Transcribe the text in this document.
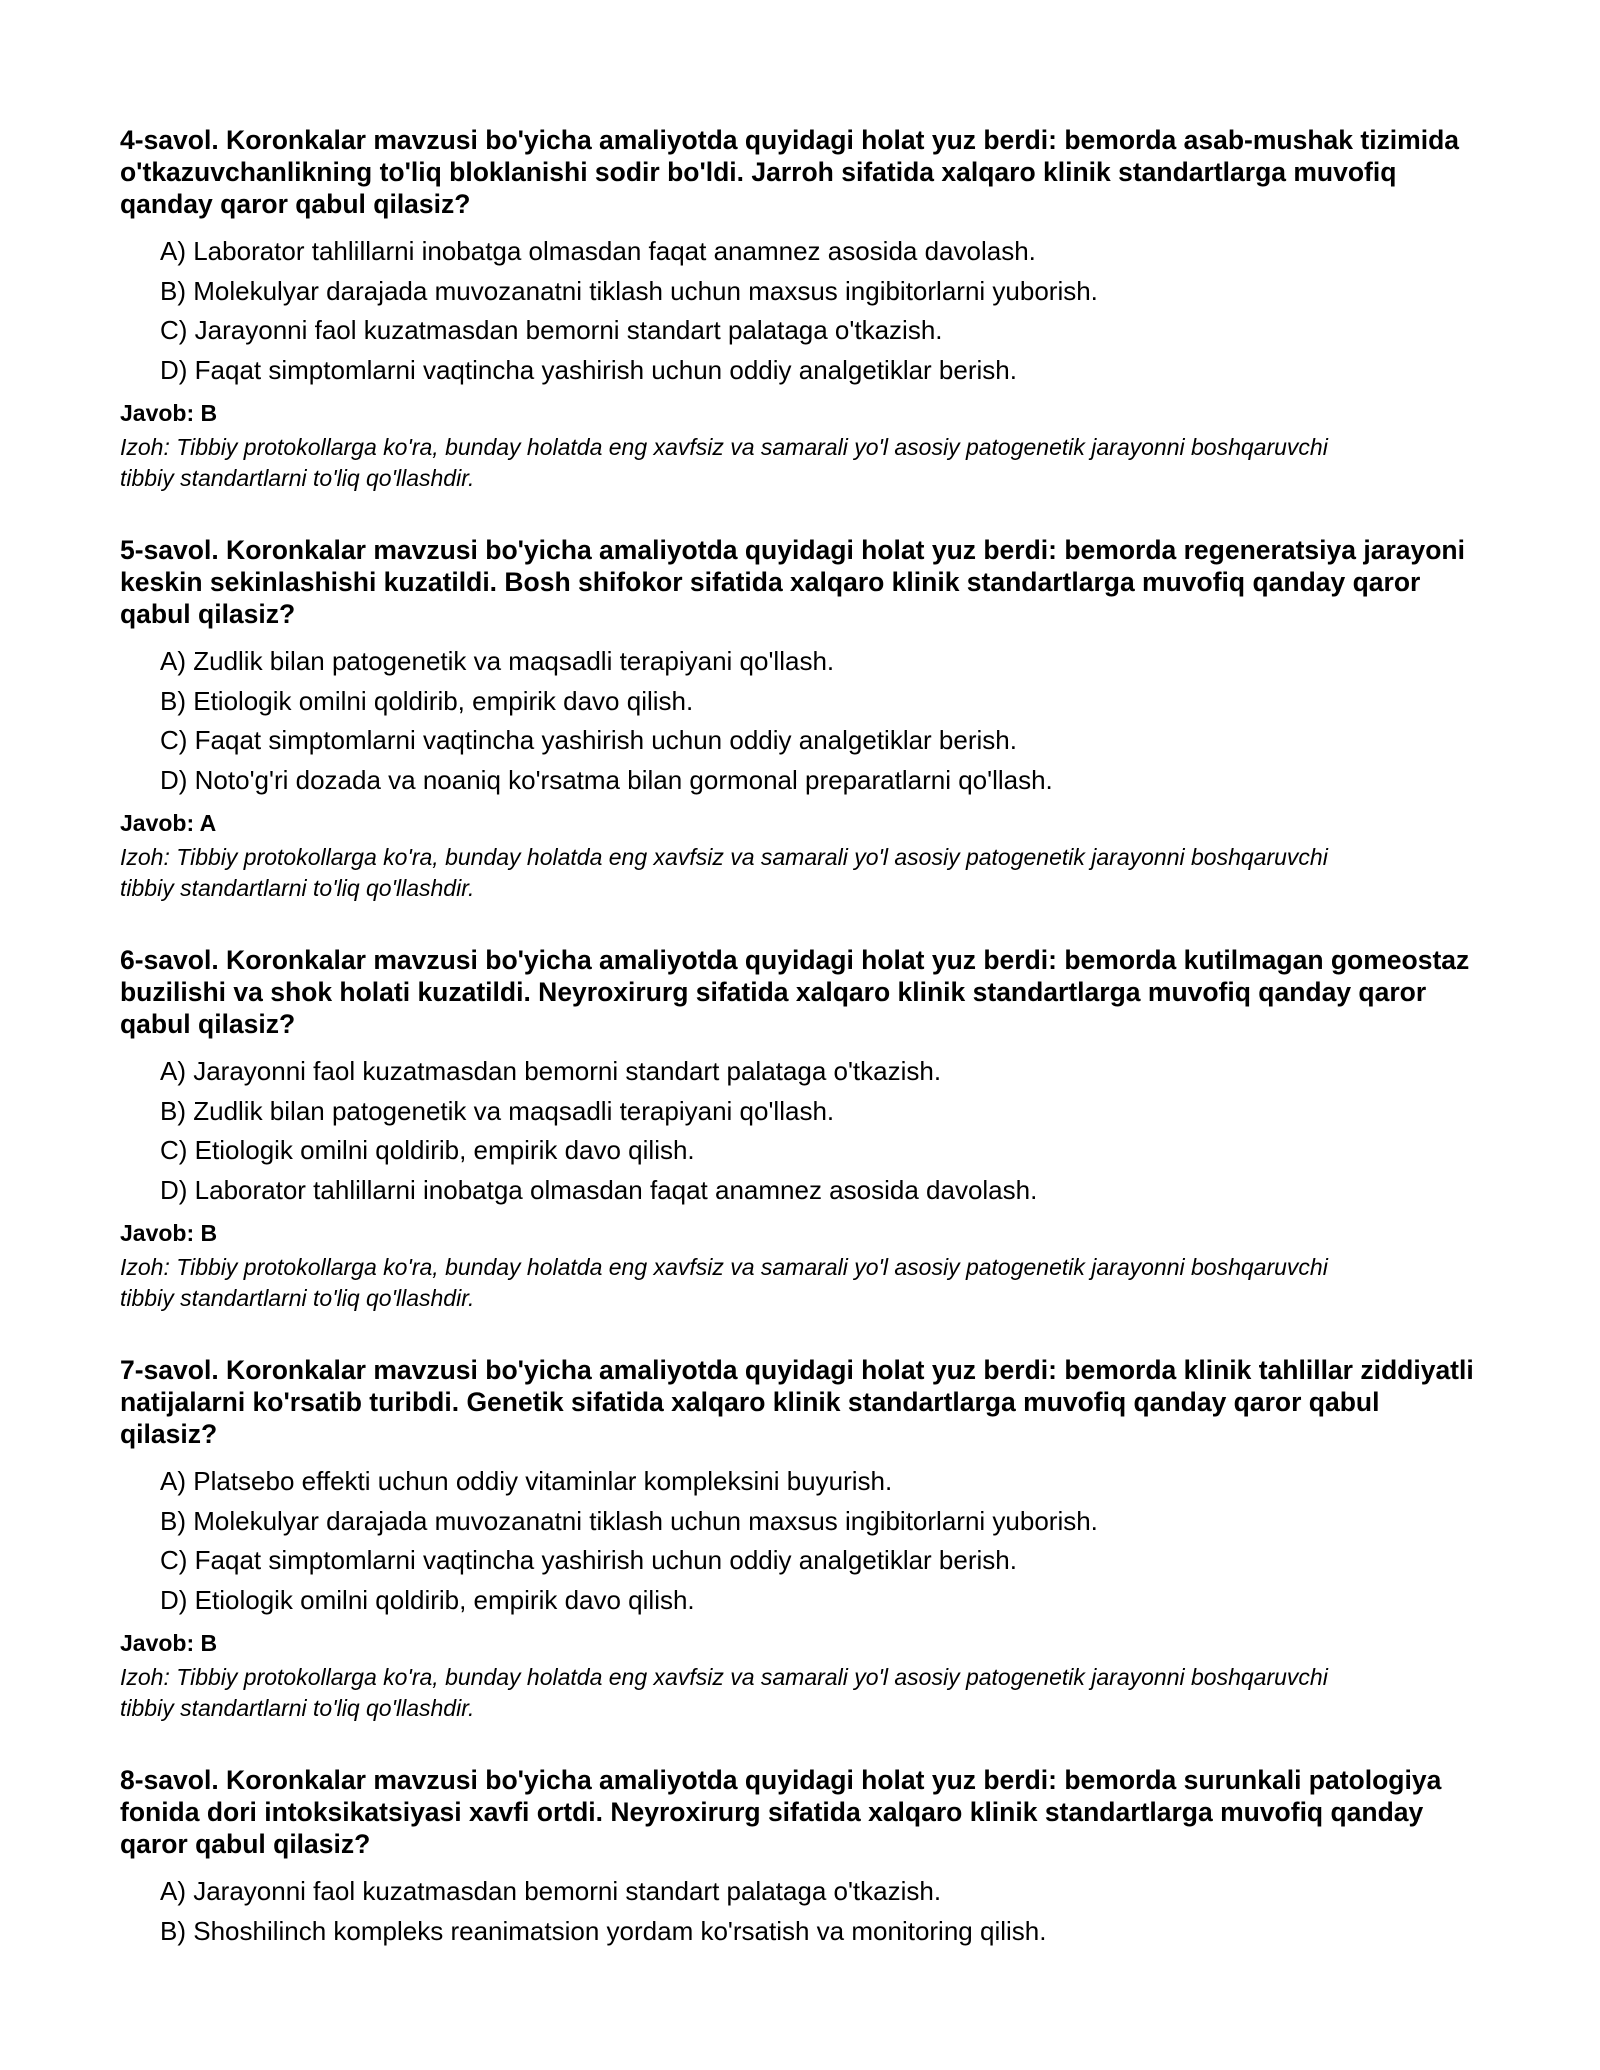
4-savol. Koronkalar mavzusi bo'yicha amaliyotda quyidagi holat yuz berdi: bemorda asab-mushak tizimida o'tkazuvchanlikning to'liq bloklanishi sodir bo'ldi. Jarroh sifatida xalqaro klinik standartlarga muvofiq qanday qaror qabul qilasiz?

A) Laborator tahlillarni inobatga olmasdan faqat anamnez asosida davolash.
B) Molekulyar darajada muvozanatni tiklash uchun maxsus ingibitorlarni yuborish.
C) Jarayonni faol kuzatmasdan bemorni standart palataga o'tkazish.
D) Faqat simptomlarni vaqtincha yashirish uchun oddiy analgetiklar berish.

Javob: B

Izoh: Tibbiy protokollarga ko'ra, bunday holatda eng xavfsiz va samarali yo'l asosiy patogenetik jarayonni boshqaruvchi tibbiy standartlarni to'liq qo'llashdir.

5-savol. Koronkalar mavzusi bo'yicha amaliyotda quyidagi holat yuz berdi: bemorda regeneratsiya jarayoni keskin sekinlashishi kuzatildi. Bosh shifokor sifatida xalqaro klinik standartlarga muvofiq qanday qaror qabul qilasiz?

A) Zudlik bilan patogenetik va maqsadli terapiyani qo'llash.
B) Etiologik omilni qoldirib, empirik davo qilish.
C) Faqat simptomlarni vaqtincha yashirish uchun oddiy analgetiklar berish.
D) Noto'g'ri dozada va noaniq ko'rsatma bilan gormonal preparatlarni qo'llash.

Javob: A

Izoh: Tibbiy protokollarga ko'ra, bunday holatda eng xavfsiz va samarali yo'l asosiy patogenetik jarayonni boshqaruvchi tibbiy standartlarni to'liq qo'llashdir.

6-savol. Koronkalar mavzusi bo'yicha amaliyotda quyidagi holat yuz berdi: bemorda kutilmagan gomeostaz buzilishi va shok holati kuzatildi. Neyroxirurg sifatida xalqaro klinik standartlarga muvofiq qanday qaror qabul qilasiz?

A) Jarayonni faol kuzatmasdan bemorni standart palataga o'tkazish.
B) Zudlik bilan patogenetik va maqsadli terapiyani qo'llash.
C) Etiologik omilni qoldirib, empirik davo qilish.
D) Laborator tahlillarni inobatga olmasdan faqat anamnez asosida davolash.

Javob: B

Izoh: Tibbiy protokollarga ko'ra, bunday holatda eng xavfsiz va samarali yo'l asosiy patogenetik jarayonni boshqaruvchi tibbiy standartlarni to'liq qo'llashdir.

7-savol. Koronkalar mavzusi bo'yicha amaliyotda quyidagi holat yuz berdi: bemorda klinik tahlillar ziddiyatli natijalarni ko'rsatib turibdi. Genetik sifatida xalqaro klinik standartlarga muvofiq qanday qaror qabul qilasiz?

A) Platsebo effekti uchun oddiy vitaminlar kompleksini buyurish.
B) Molekulyar darajada muvozanatni tiklash uchun maxsus ingibitorlarni yuborish.
C) Faqat simptomlarni vaqtincha yashirish uchun oddiy analgetiklar berish.
D) Etiologik omilni qoldirib, empirik davo qilish.

Javob: B

Izoh: Tibbiy protokollarga ko'ra, bunday holatda eng xavfsiz va samarali yo'l asosiy patogenetik jarayonni boshqaruvchi tibbiy standartlarni to'liq qo'llashdir.

8-savol. Koronkalar mavzusi bo'yicha amaliyotda quyidagi holat yuz berdi: bemorda surunkali patologiya fonida dori intoksikatsiyasi xavfi ortdi. Neyroxirurg sifatida xalqaro klinik standartlarga muvofiq qanday qaror qabul qilasiz?

A) Jarayonni faol kuzatmasdan bemorni standart palataga o'tkazish.
B) Shoshilinch kompleks reanimatsion yordam ko'rsatish va monitoring qilish.
